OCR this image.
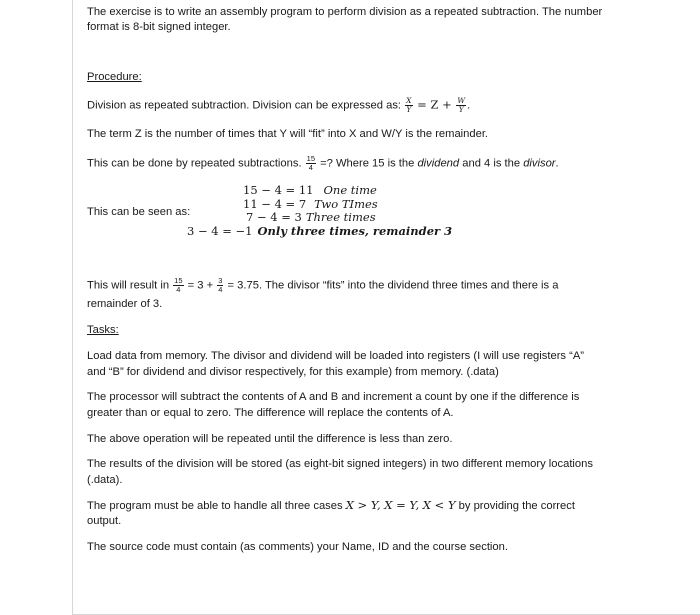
The exercise is to write an assembly program to perform division as a repeated subtraction. The number
format is 8-bit signed integer.
Procedure:
Division as repeated subtraction. Division can be expressed as: $\frac{X}{Y} = Z + \frac{W}{Y}$ .
The term Z is the number of times that Y will “fit” into X and W/Y is the remainder.
This can be done by repeated subtractions. $\frac{15}{4}$ =? Where 15 is the dividend and 4 is the divisor.
This can be seen as:
15 − 4 = 11 One time
11 − 4 = 7 Two TImes
7 − 4 = 3 Three times
3 − 4 = −1 Only three times, remainder 3
This will result in $\frac{15}{4} = 3 + \frac{3}{4} = 3.75$. The divisor “fits” into the dividend three times and there is a
remainder of 3.
Tasks:
Load data from memory. The divisor and dividend will be loaded into registers (I will use registers “A”
and “B” for dividend and divisor respectively, for this example) from memory. (.data)
The processor will subtract the contents of A and B and increment a count by one if the difference is
greater than or equal to zero. The difference will replace the contents of A.
The above operation will be repeated until the difference is less than zero.
The results of the division will be stored (as eight-bit signed integers) in two different memory locations
(.data).
The program must be able to handle all three cases X > Y, X = Y, X < Y by providing the correct
output.
The source code must contain (as comments) your Name, ID and the course section.
